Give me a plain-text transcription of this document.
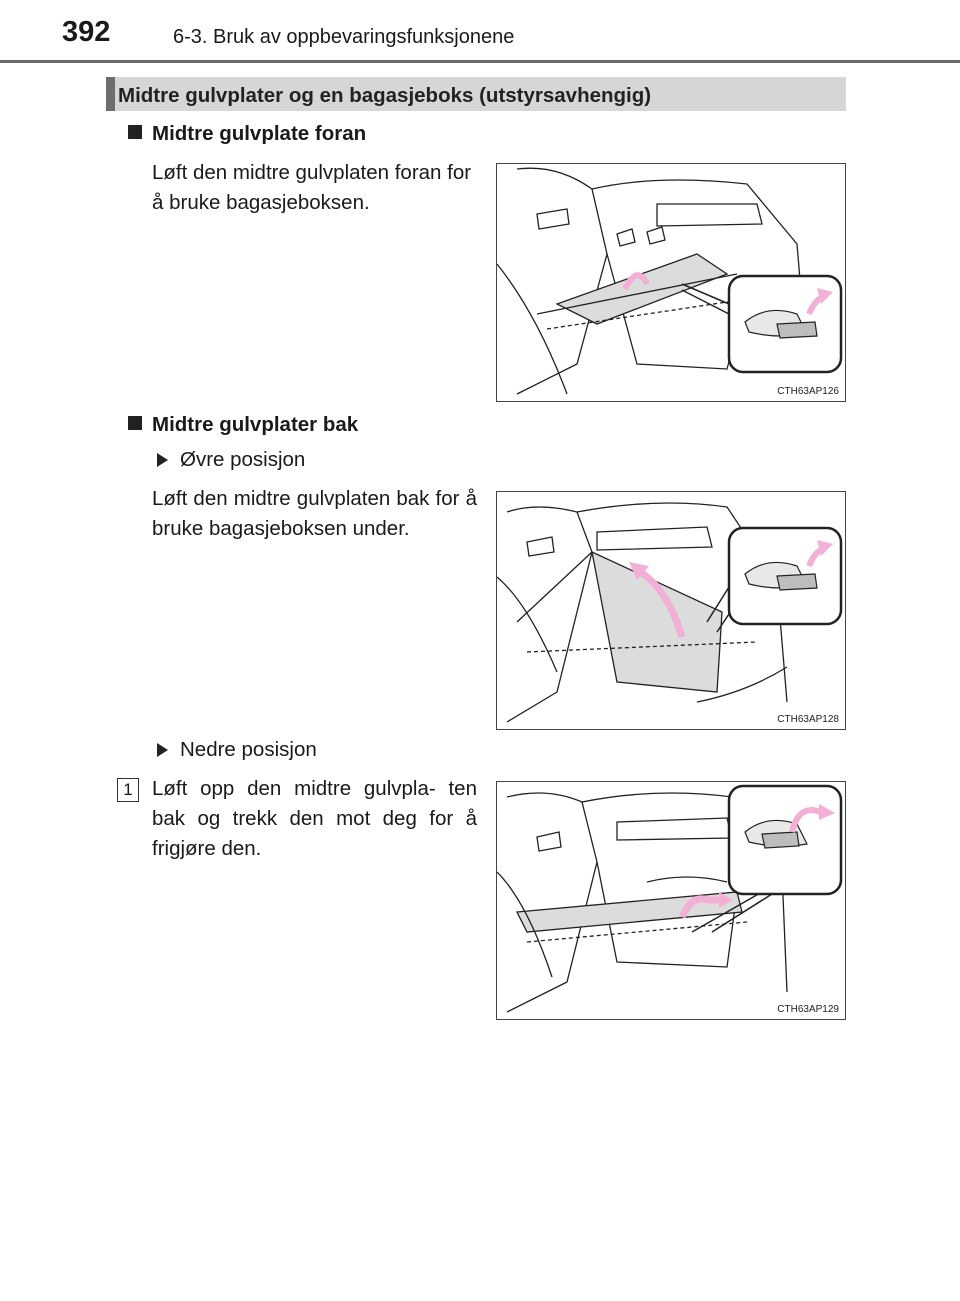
392	6-3. Bruk av oppbevaringsfunksjonene
Midtre gulvplater og en bagasjeboks (utstyrsavhengig)
Midtre gulvplate foran
Løft den midtre gulvplaten foran for å bruke bagasjeboksen.
CTH63AP126
Midtre gulvplater bak
Øvre posisjon
Løft den midtre gulvplaten bak for å bruke bagasjeboksen under.
CTH63AP128
Nedre posisjon
1 Løft opp den midtre gulvpla- ten bak og trekk den mot deg for å frigjøre den.
CTH63AP129
